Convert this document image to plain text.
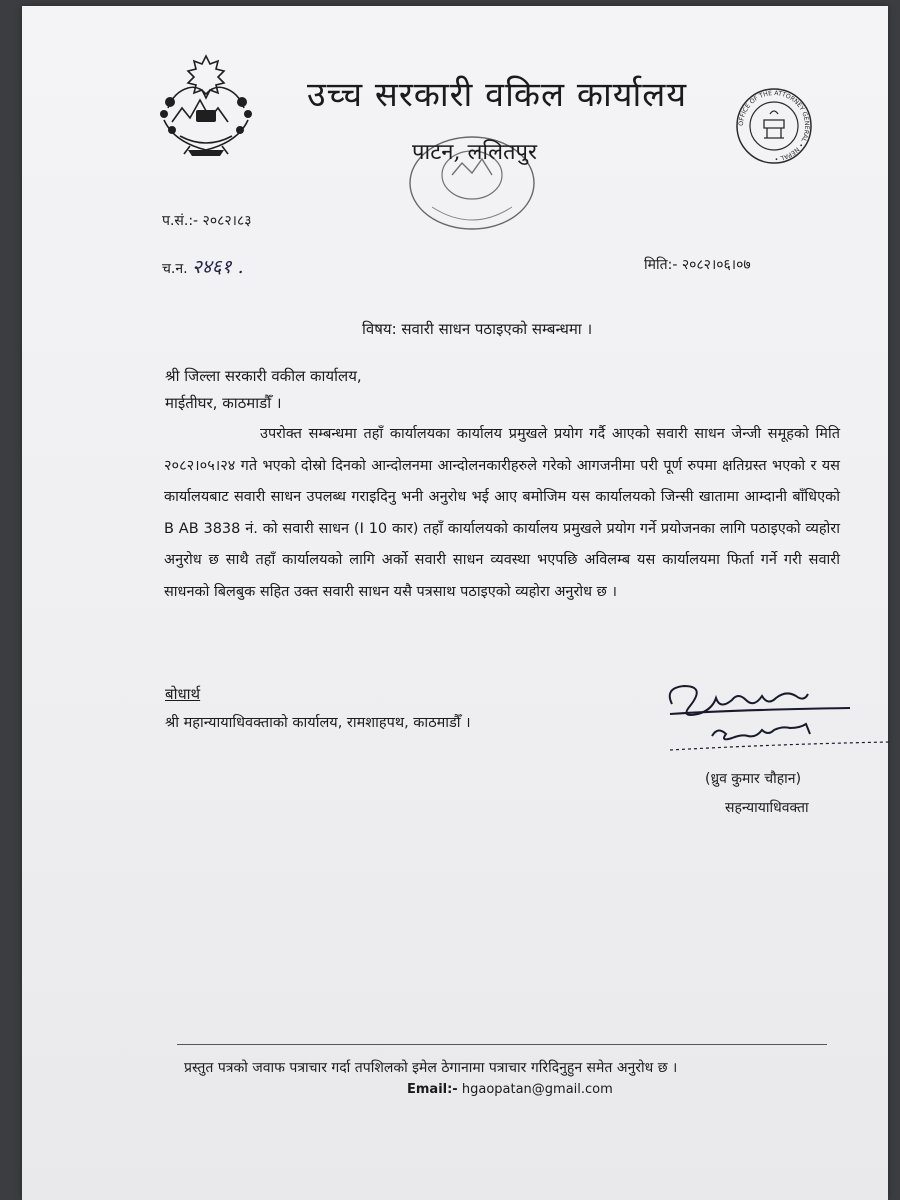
OFFICE OF THE ATTORNEY GENERAL • NEPAL •
उच्च सरकारी वकिल कार्यालय
पाटन, ललितपुर
प.सं.:- २०८२।८३
च.न. २४६१ .	मिति:- २०८२।०६।०७
विषय: सवारी साधन पठाइएको सम्बन्धमा ।
श्री जिल्ला सरकारी वकील कार्यालय,
माईतीघर, काठमाडौँ ।
उपरोक्त सम्बन्धमा तहाँ कार्यालयका कार्यालय प्रमुखले प्रयोग गर्दै आएको सवारी साधन जेन्जी समूहको मिति २०८२।०५।२४ गते भएको दोस्रो दिनको आन्दोलनमा आन्दोलनकारीहरुले गरेको आगजनीमा परी पूर्ण रुपमा क्षतिग्रस्त भएको र यस कार्यालयबाट सवारी साधन उपलब्ध गराइदिनु भनी अनुरोध भई आए बमोजिम यस कार्यालयको जिन्सी खातामा आम्दानी बाँधिएको B AB 3838 नं. को सवारी साधन (I 10 कार) तहाँ कार्यालयको कार्यालय प्रमुखले प्रयोग गर्ने प्रयोजनका लागि पठाइएको व्यहोरा अनुरोध छ साथै तहाँ कार्यालयको लागि अर्को सवारी साधन व्यवस्था भएपछि अविलम्ब यस कार्यालयमा फिर्ता गर्ने गरी सवारी साधनको बिलबुक सहित उक्त सवारी साधन यसै पत्रसाथ पठाइएको व्यहोरा अनुरोध छ ।
बोधार्थ
श्री महान्यायाधिवक्ताको कार्यालय, रामशाहपथ, काठमाडौँ ।
(ध्रुव कुमार चौहान)
सहन्यायाधिवक्ता
प्रस्तुत पत्रको जवाफ पत्राचार गर्दा तपशिलको इमेल ठेगानामा पत्राचार गरिदिनुहुन समेत अनुरोध छ ।
Email:- hgaopatan@gmail.com
